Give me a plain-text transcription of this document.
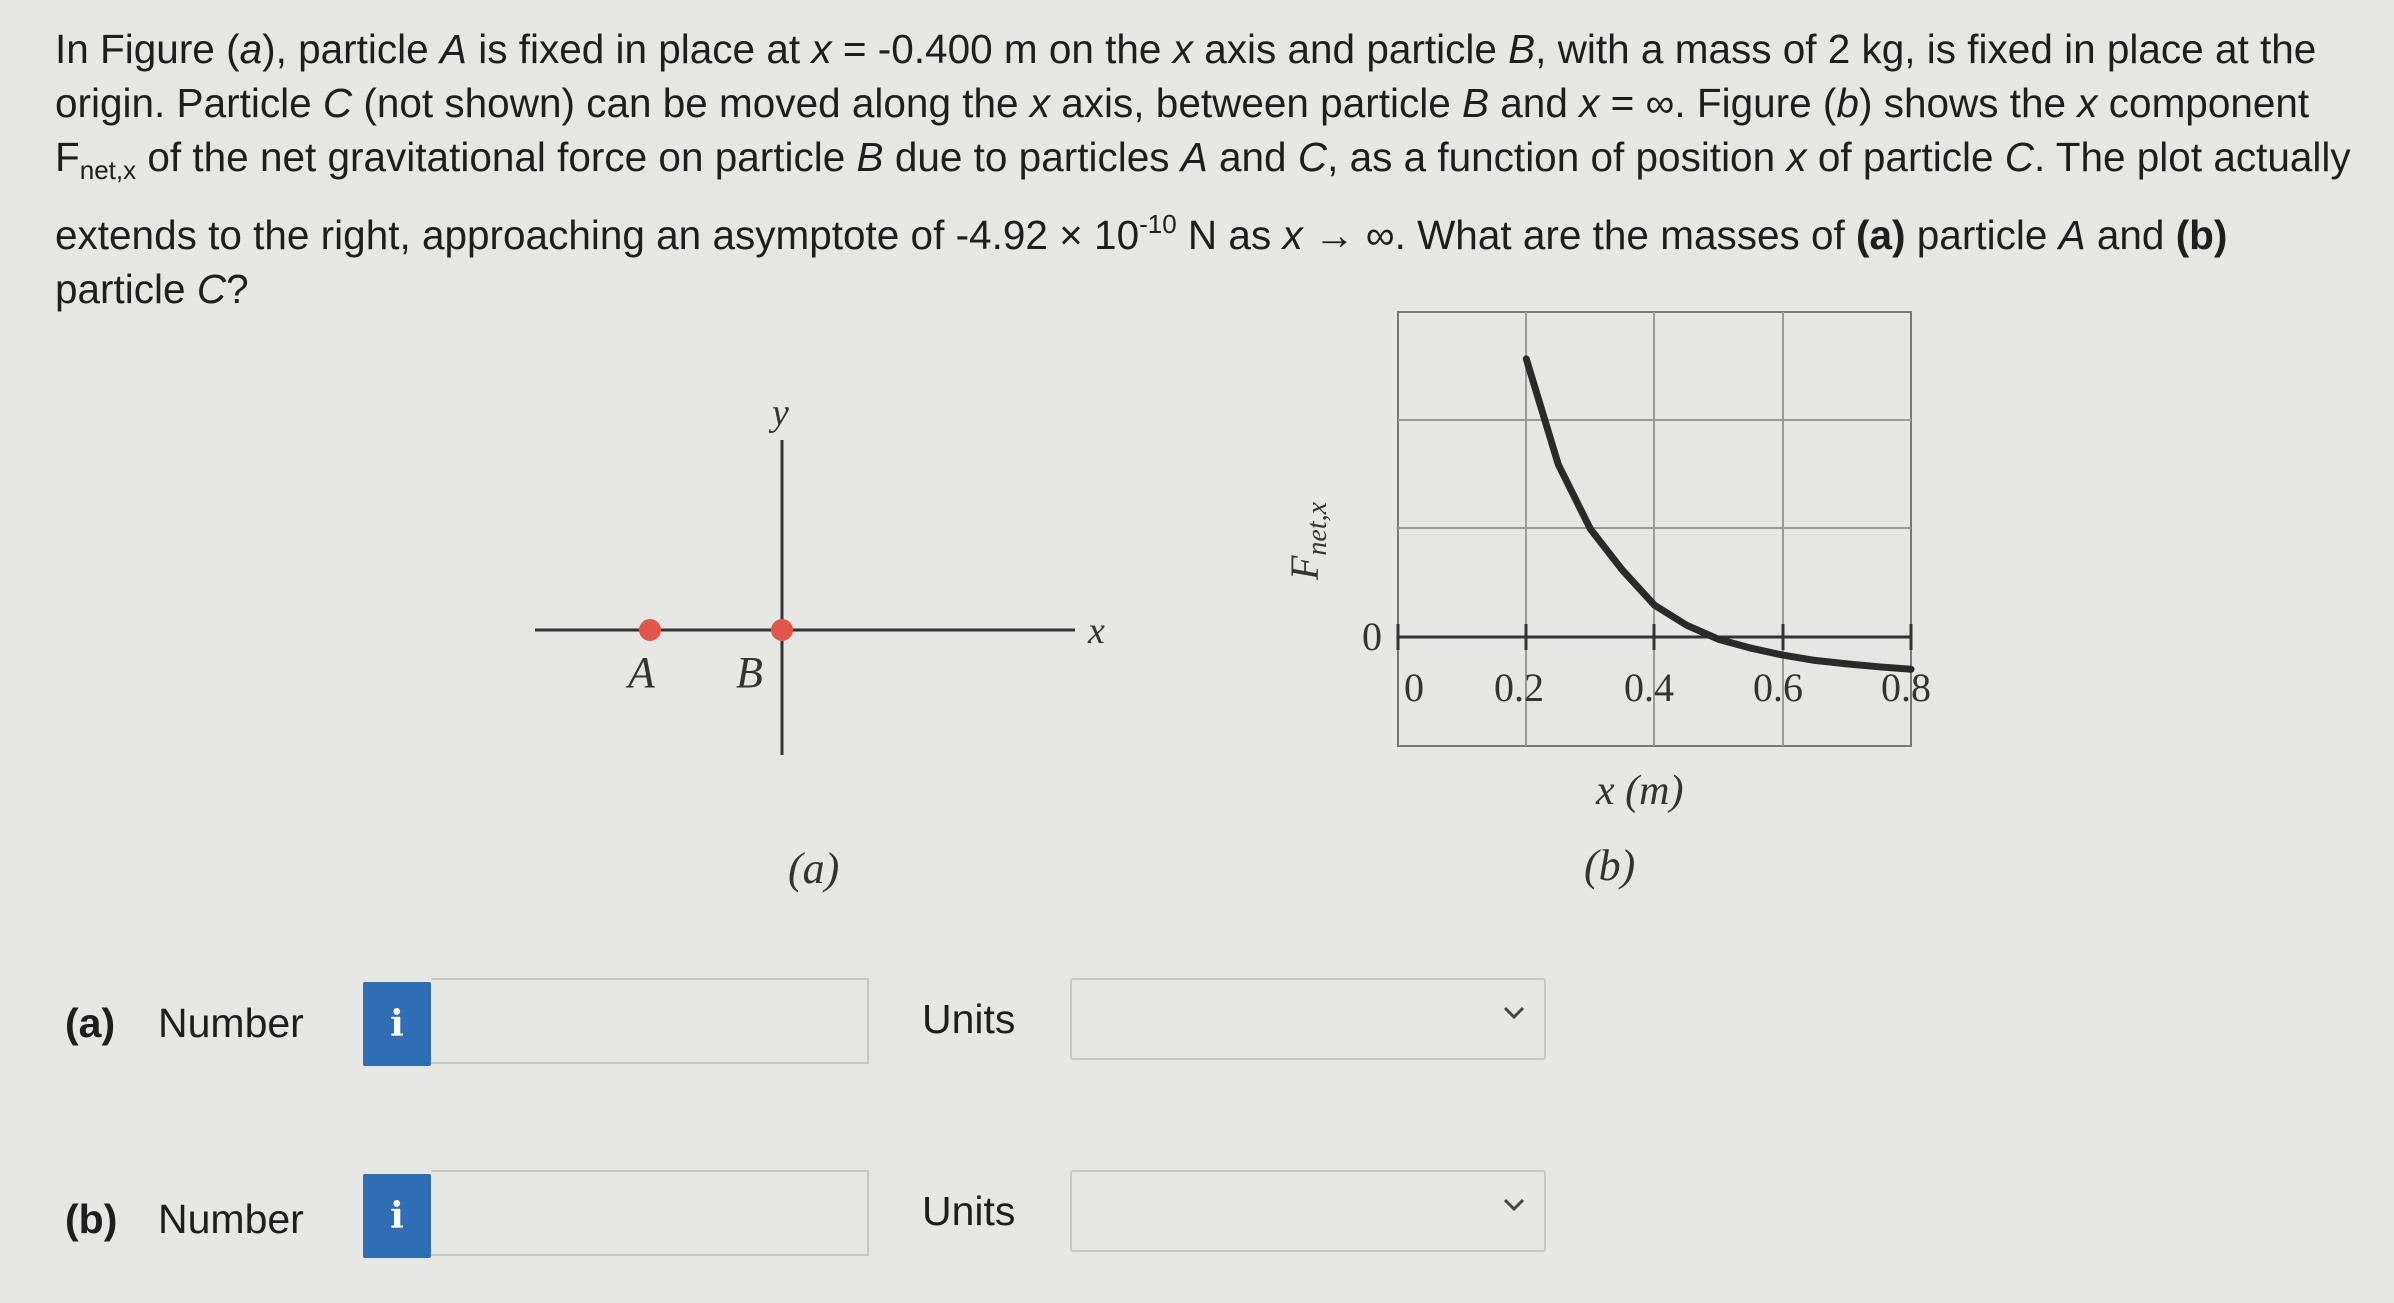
In Figure (a), particle A is fixed in place at x = -0.400 m on the x axis and particle B, with a mass of 2 kg, is fixed in place at the origin. Particle C (not shown) can be moved along the x axis, between particle B and x = ∞. Figure (b) shows the x component $F_{net,x}$ of the net gravitational force on particle B due to particles A and C, as a function of position x of particle C. The plot actually extends to the right, approaching an asymptote of $-4.92 \times 10^{-10}$ N as x → ∞. What are the masses of (a) particle A and (b) particle C?

x
y
A B
(a)
0 0.2 0.4 0.6 0.8
0
$F_{net,x}$
x (m)
(b)
(a) Number	i	Units
(b) Number	i	Units
